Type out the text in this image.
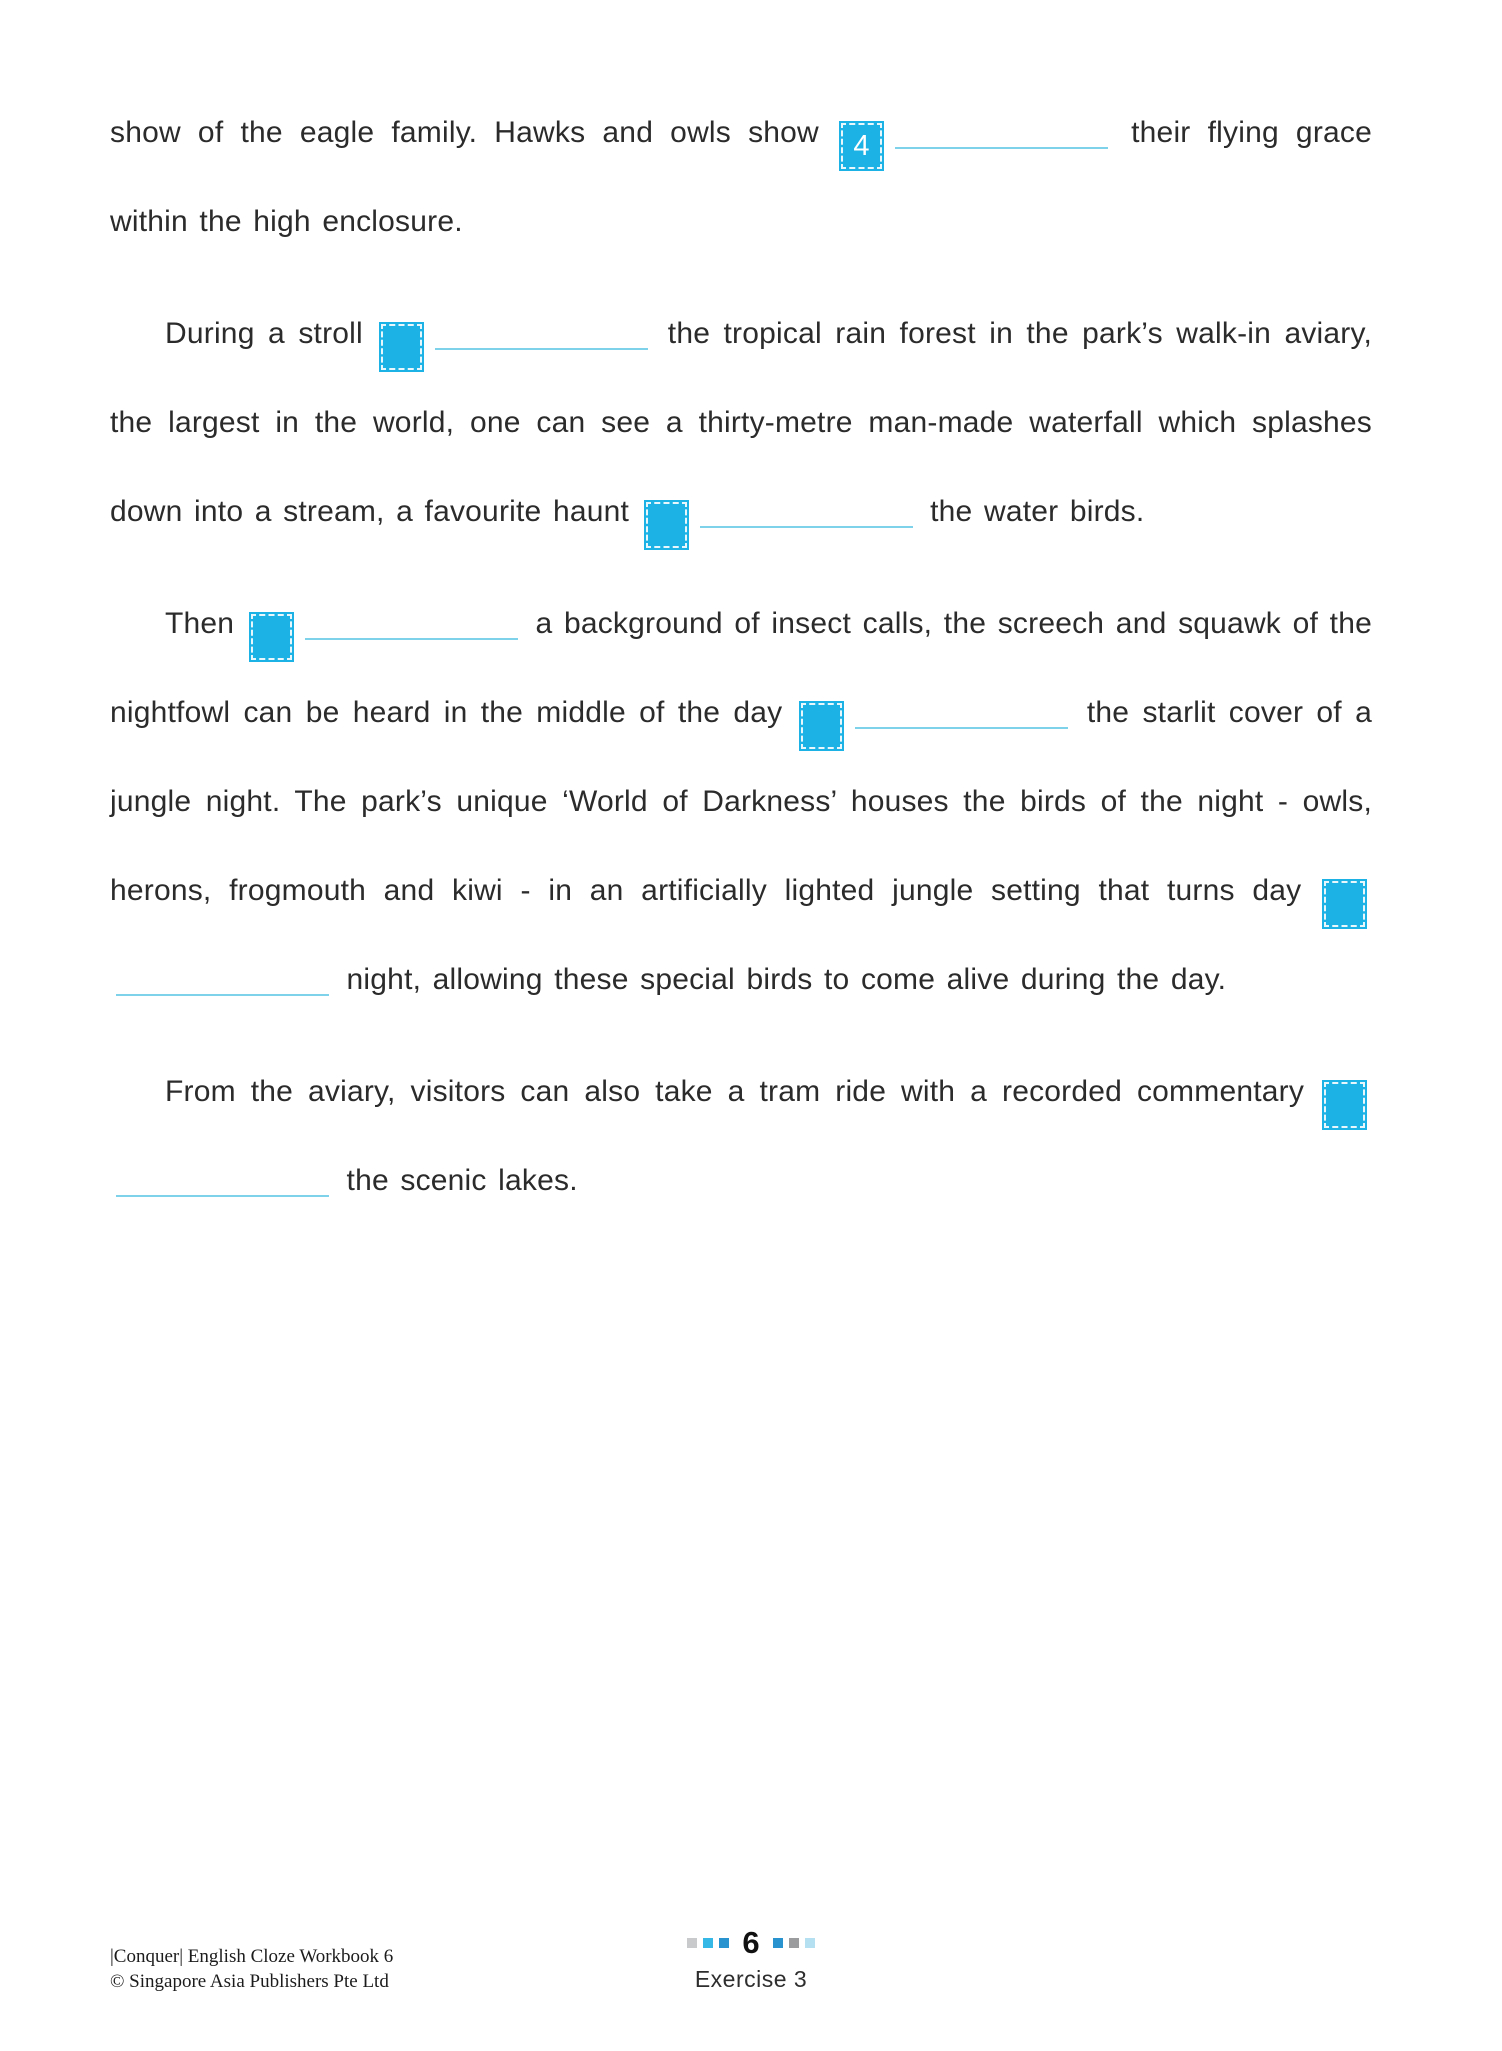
show of the eagle family. Hawks and owls show 4	their flying grace within the high enclosure.

During a stroll 5	the tropical rain forest in the park’s walk-in aviary, the largest in the world, one can see a thirty-metre man-made waterfall which splashes down into a stream, a favourite haunt 6	the water birds.

Then 7	a background of insect calls, the screech and squawk of the nightfowl can be heard in the middle of the day 8	the starlit cover of a jungle night. The park’s unique ‘World of Darkness’ houses the birds of the night - owls, herons, frogmouth and kiwi - in an artificially lighted jungle setting that turns day 9 night, allowing these special birds to come alive during the day.

From the aviary, visitors can also take a tram ride with a recorded commentary 10 the scenic lakes.

|Conquer| English Cloze Workbook 6
© Singapore Asia Publishers Pte Ltd
6
Exercise 3
